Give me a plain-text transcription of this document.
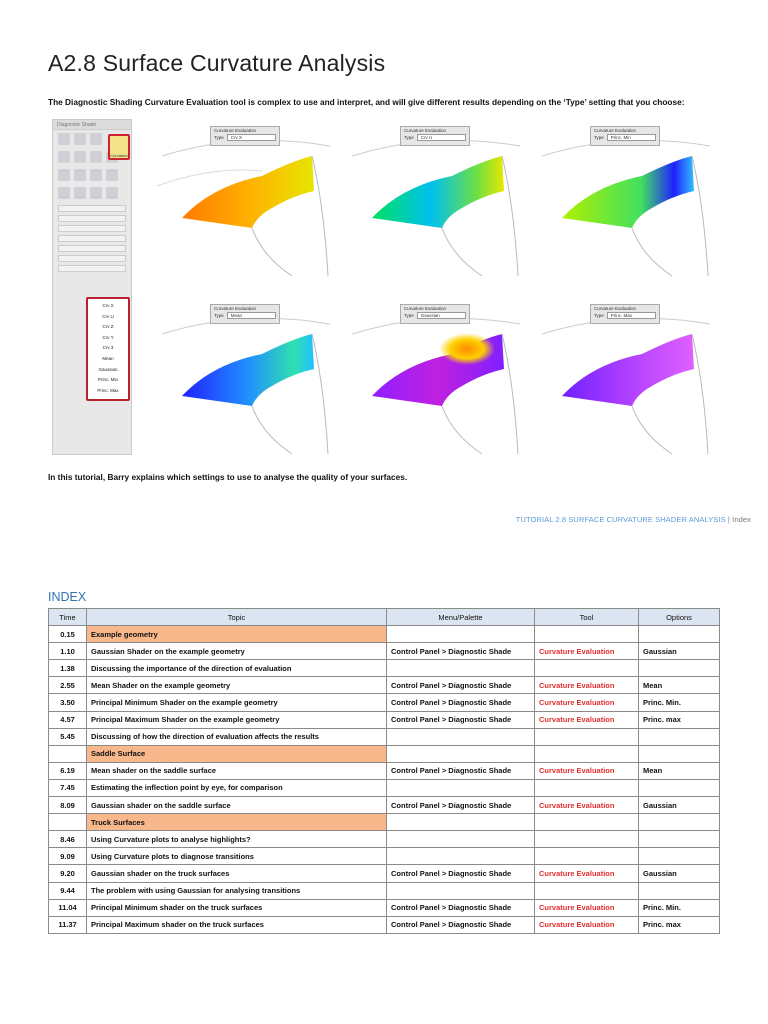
A2.8 Surface Curvature Analysis
The Diagnostic Shading Curvature Evaluation tool is complex to use and interpret, and will give different results depending on the ‘Type’ setting that you choose:
Diagnostic Shade
Curvature
Crv X
Crv U
Crv Z
Crv Y
Crv 3
Mean
Gaussian
Princ. Min
Princ. Max
Curvature Evaluation
Type	Crv X
Curvature Evaluation
Type	Crv U
Curvature Evaluation
Type	Princ. Min
Curvature Evaluation
Type	Mean
Curvature Evaluation
Type	Gaussian
Curvature Evaluation
Type	Princ. Max
In this tutorial, Barry explains which settings to use to analyse the quality of your surfaces.
TUTORIAL 2.8 SURFACE CURVATURE SHADER ANALYSIS | Index
INDEX
Time	Topic	Menu/Palette	Tool	Options
0.15	Example geometry			
1.10	Gaussian Shader on the example geometry	Control Panel > Diagnostic Shade	Curvature Evaluation	Gaussian
1.38	Discussing the importance of the direction of evaluation			
2.55	Mean Shader on the example geometry	Control Panel > Diagnostic Shade	Curvature Evaluation	Mean
3.50	Principal Minimum Shader on the example geometry	Control Panel > Diagnostic Shade	Curvature Evaluation	Princ. Min.
4.57	Principal Maximum Shader on the example geometry	Control Panel > Diagnostic Shade	Curvature Evaluation	Princ. max
5.45	Discussing of how the direction of evaluation affects the results			
	Saddle Surface			
6.19	Mean shader on the saddle surface	Control Panel > Diagnostic Shade	Curvature Evaluation	Mean
7.45	Estimating the inflection point by eye, for comparison			
8.09	Gaussian shader on the saddle surface	Control Panel > Diagnostic Shade	Curvature Evaluation	Gaussian
	Truck Surfaces			
8.46	Using Curvature plots to analyse highlights?			
9.09	Using Curvature plots to diagnose transitions			
9.20	Gaussian shader on the truck surfaces	Control Panel > Diagnostic Shade	Curvature Evaluation	Gaussian
9.44	The problem with using Gaussian for analysing transitions			
11.04	Principal Minimum shader on the truck surfaces	Control Panel > Diagnostic Shade	Curvature Evaluation	Princ. Min.
11.37	Principal Maximum shader on the truck surfaces	Control Panel > Diagnostic Shade	Curvature Evaluation	Princ. max
